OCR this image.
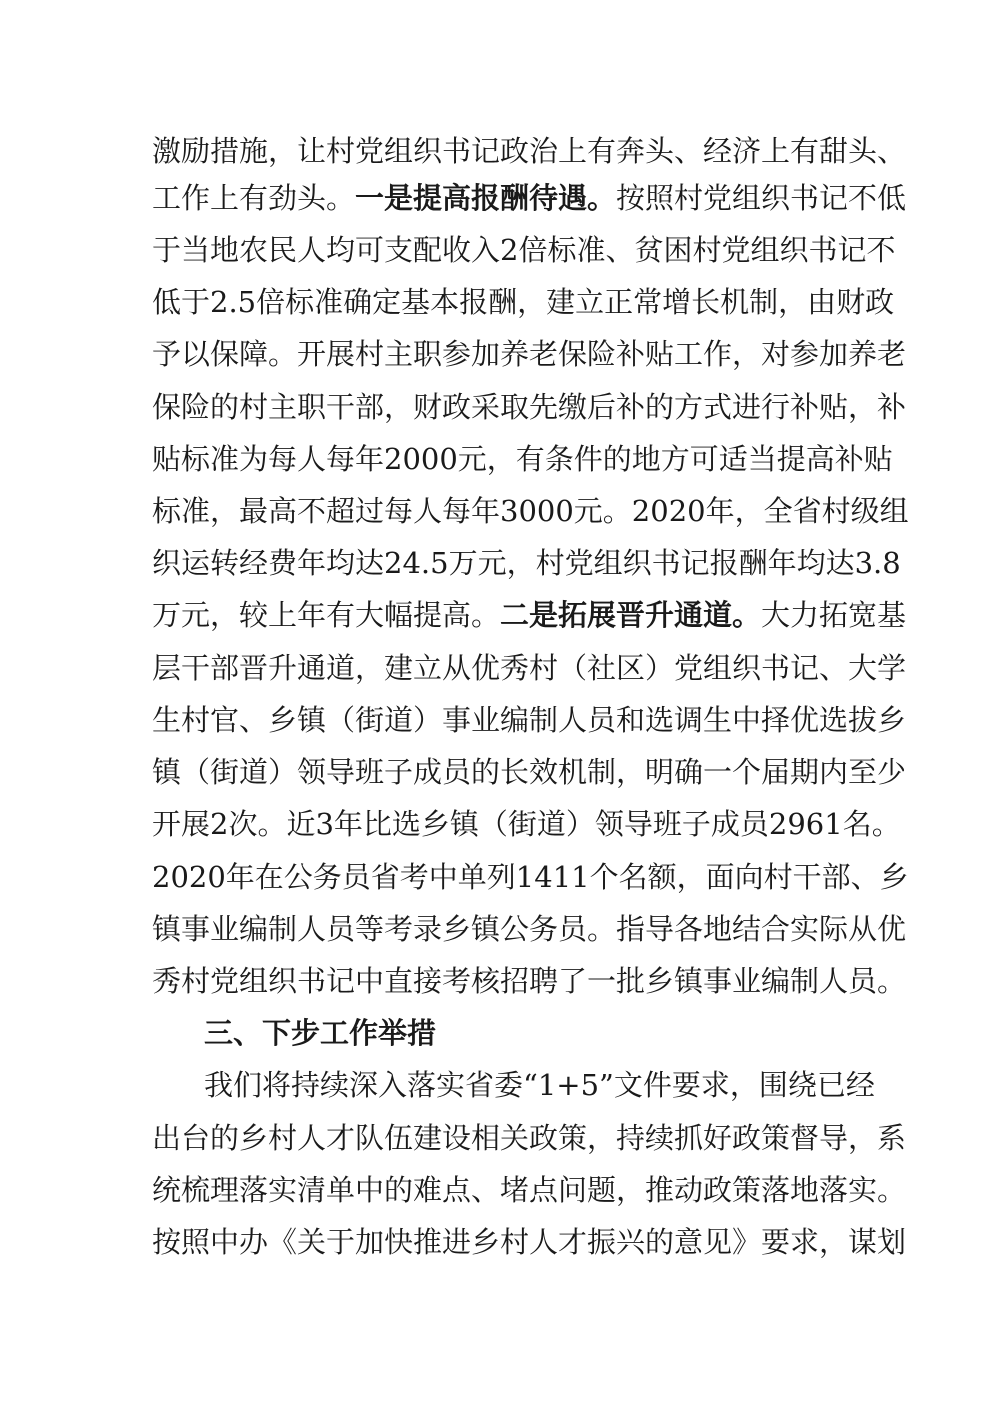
激励措施，让村党组织书记政治上有奔头、经济上有甜头、
工作上有劲头。一是提高报酬待遇。按照村党组织书记不低
于当地农民人均可支配收入2倍标准、贫困村党组织书记不
低于2.5倍标准确定基本报酬，建立正常增长机制，由财政
予以保障。开展村主职参加养老保险补贴工作，对参加养老
保险的村主职干部，财政采取先缴后补的方式进行补贴，补
贴标准为每人每年2000元，有条件的地方可适当提高补贴
标准，最高不超过每人每年3000元。2020年，全省村级组
织运转经费年均达24.5万元，村党组织书记报酬年均达3.8
万元，较上年有大幅提高。二是拓展晋升通道。大力拓宽基
层干部晋升通道，建立从优秀村（社区）党组织书记、大学
生村官、乡镇（街道）事业编制人员和选调生中择优选拔乡
镇（街道）领导班子成员的长效机制，明确一个届期内至少
开展2次。近3年比选乡镇（街道）领导班子成员2961名。
2020年在公务员省考中单列1411个名额，面向村干部、乡
镇事业编制人员等考录乡镇公务员。指导各地结合实际从优
秀村党组织书记中直接考核招聘了一批乡镇事业编制人员。
三、下步工作举措
我们将持续深入落实省委“1+5”文件要求，围绕已经
出台的乡村人才队伍建设相关政策，持续抓好政策督导，系
统梳理落实清单中的难点、堵点问题，推动政策落地落实。
按照中办《关于加快推进乡村人才振兴的意见》要求，谋划
